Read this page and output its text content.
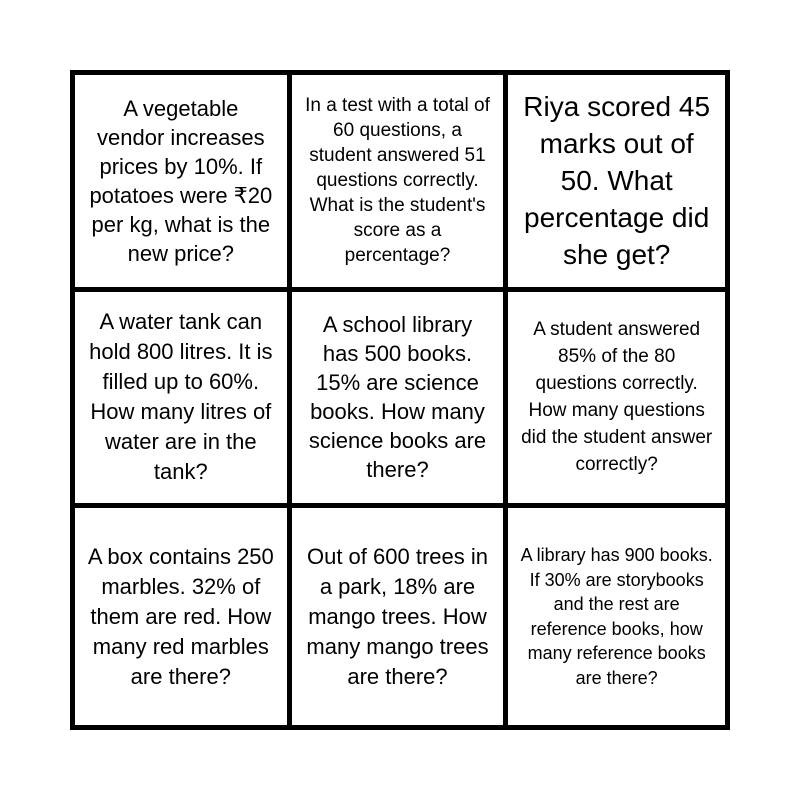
A vegetable vendor increases prices by 10%. If potatoes were ₹20 per kg, what is the new price?
In a test with a total of 60 questions, a student answered 51 questions correctly. What is the student's score as a percentage?
Riya scored 45 marks out of 50. What percentage did she get?
A water tank can hold 800 litres. It is filled up to 60%. How many litres of water are in the tank?
A school library has 500 books. 15% are science books. How many science books are there?
A student answered 85% of the 80 questions correctly. How many questions did the student answer correctly?
A box contains 250 marbles. 32% of them are red. How many red marbles are there?
Out of 600 trees in a park, 18% are mango trees. How many mango trees are there?
A library has 900 books. If 30% are storybooks and the rest are reference books, how many reference books are there?
